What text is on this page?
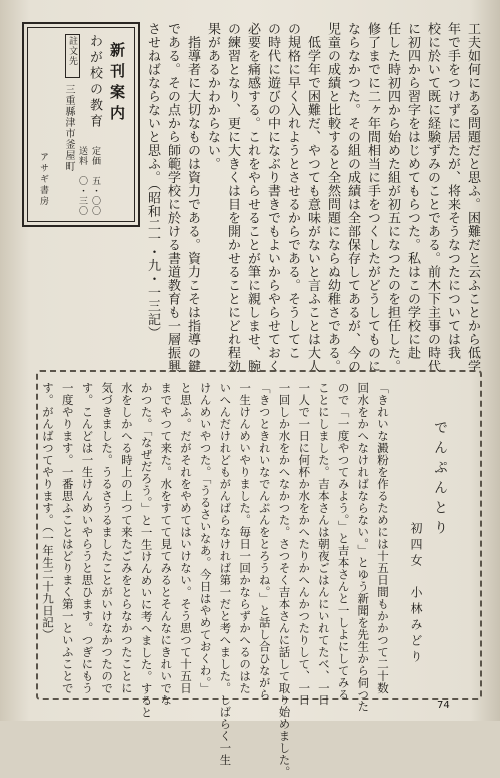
工夫如何にある問題だと思ふ。困難だと云ふことから低学
年で手をつけずに居たが、将来そうなつたについては我
校に於いて既に経験ずみのことである。前木下主事の時代
に初四から習字をはじめてもらつた。私はこの学校に赴
任した時初四から始めた組が初五になつたのを担任した。
修了までに二ヶ年間相当に手をつくしたがどうしてものに
ならなかつた。その組の成績は全部保存してあるが、今の
児童の成績と比較すると全然問題にならぬ幼稚さである。
　低学年で困難だ、やつても意味がないと言ふことは大人
の規格に早く入れようとさせるからである。そうしてこ
の時代に遊びの中になぶり書きでもよいからやらせておく
必要を痛感する。これをやらせることが筆に親しませ、腕
の練習となり、更に大きくは目を開かせることにどれ程効
果があるかわからない。
　指導者に大切なものは資力である。資力こそは指導の鍵
である。その点から師範学校に於ける書道教育も一層振興
させねばならないと思ふ。（昭和二一・九・一三記）
新刊案内
わが校の教育
定価　五・〇〇
送料　〇・三〇
註文先
三重縣津市釜屋町
アサギ書房
でんぷんとり
初四女　小林みどり
「きれいな澱粉を作るためには十五日間もかかつて二十数
回水をかへなければならない。」とゆう新聞を先生から伺つた
ので「一度やつてみよう。」と吉本さんと一しよにしてみる
ことにしました。吉本さんは朝夜ごはんにいれてたべ、一日
一人で一日に何杯か水をかへたりかへんかつたりして、一日
一回しか水をかへなかつた。さつそく吉本さんに話して取り始めました。
「きつときれいなでんぷんをとろうね。」と話し合ひながら
一生けんめいやりました。毎日一回かならずかへるのはた
いへんだけれどもがんばらなければ第一だと考へました。しばらく一生
けんめいやつた。「うるさいなあ。今日はやめておくわ。」
と思ふ。だがそれをやめてはいけない。そう思つて十五日
までやつて来た。水をすてて見てみるとそんなにきれいでな
かつた。「なぜだろう。」と一生けんめいに考へました。すると
水をしかへる時上の上つて来たごみをとらなかつたことに
気づきました。うるさうるましたことがいけなかつたので
す。こんどは一生けんめいやらうと思ひます。つぎにもう
一度やります。一番思ふことはどりまく第一といふことで
す。がんばつてやります。（一年生二十九日記）
74
